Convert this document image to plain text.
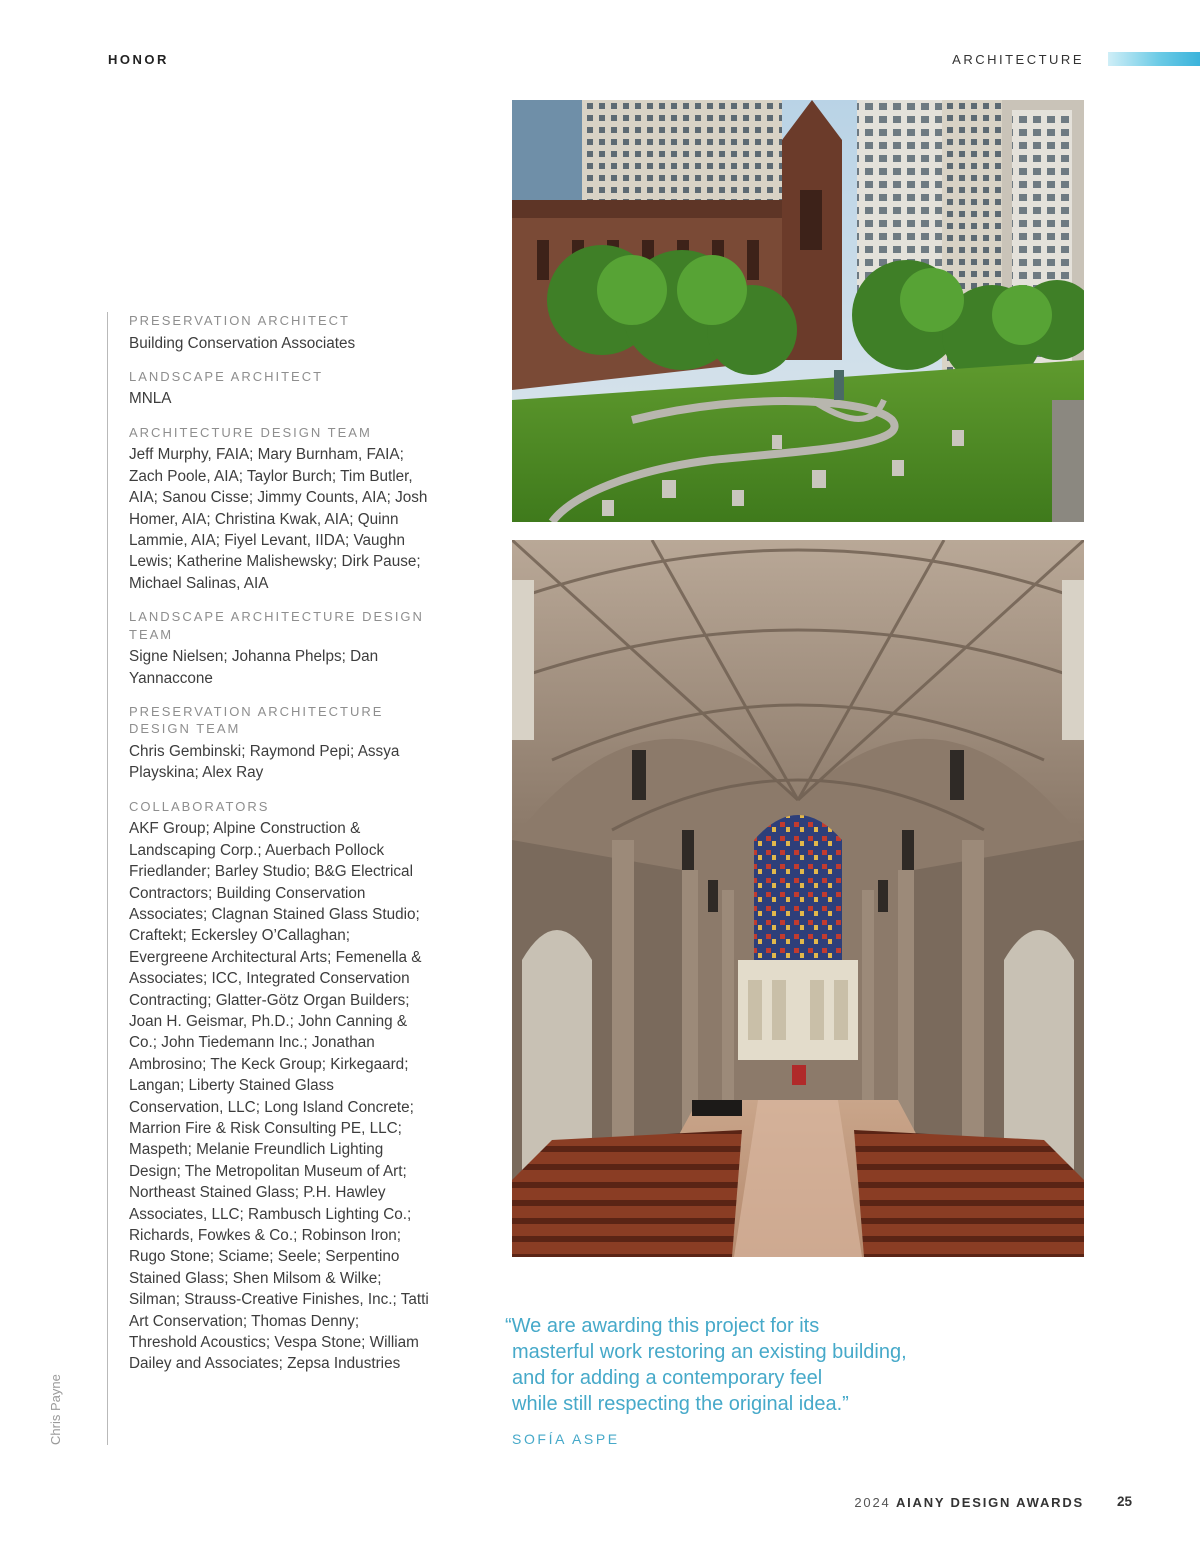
HONOR	ARCHITECTURE
PRESERVATION ARCHITECT
Building Conservation Associates
LANDSCAPE ARCHITECT
MNLA
ARCHITECTURE DESIGN TEAM
Jeff Murphy, FAIA; Mary Burnham, FAIA; Zach Poole, AIA; Taylor Burch; Tim Butler, AIA; Sanou Cisse; Jimmy Counts, AIA; Josh Homer, AIA; Christina Kwak, AIA; Quinn Lammie, AIA; Fiyel Levant, IIDA; Vaughn Lewis; Katherine Malishewsky; Dirk Pause; Michael Salinas, AIA
LANDSCAPE ARCHITECTURE DESIGN TEAM
Signe Nielsen; Johanna Phelps; Dan Yannaccone
PRESERVATION ARCHITECTURE DESIGN TEAM
Chris Gembinski; Raymond Pepi; Assya Playskina; Alex Ray
COLLABORATORS
AKF Group; Alpine Construction & Landscaping Corp.; Auerbach Pollock Friedlander; Barley Studio; B&G Electrical Contractors; Building Conservation Associates; Clagnan Stained Glass Studio; Craftekt; Eckersley O’Callaghan; Evergreene Architectural Arts; Femenella & Associates; ICC, Integrated Conservation Contracting; Glatter-Götz Organ Builders; Joan H. Geismar, Ph.D.; John Canning & Co.; John Tiedemann Inc.; Jonathan Ambrosino; The Keck Group; Kirkegaard; Langan; Liberty Stained Glass Conservation, LLC; Long Island Concrete; Marrion Fire & Risk Consulting PE, LLC; Maspeth; Melanie Freundlich Lighting Design; The Metropolitan Museum of Art; Northeast Stained Glass; P.H. Hawley Associates, LLC; Rambusch Lighting Co.; Richards, Fowkes & Co.; Robinson Iron; Rugo Stone; Sciame; Seele; Serpentino Stained Glass; Shen Milsom & Wilke; Silman; Strauss-Creative Finishes, Inc.; Tatti Art Conservation; Thomas Denny; Threshold Acoustics; Vespa Stone; William Dailey and Associates; Zepsa Industries
Chris Payne
“We are awarding this project for its
masterful work restoring an existing building,
and for adding a contemporary feel
while still respecting the original idea.”
SOFÍA ASPE
2024 AIANY DESIGN AWARDS 25
